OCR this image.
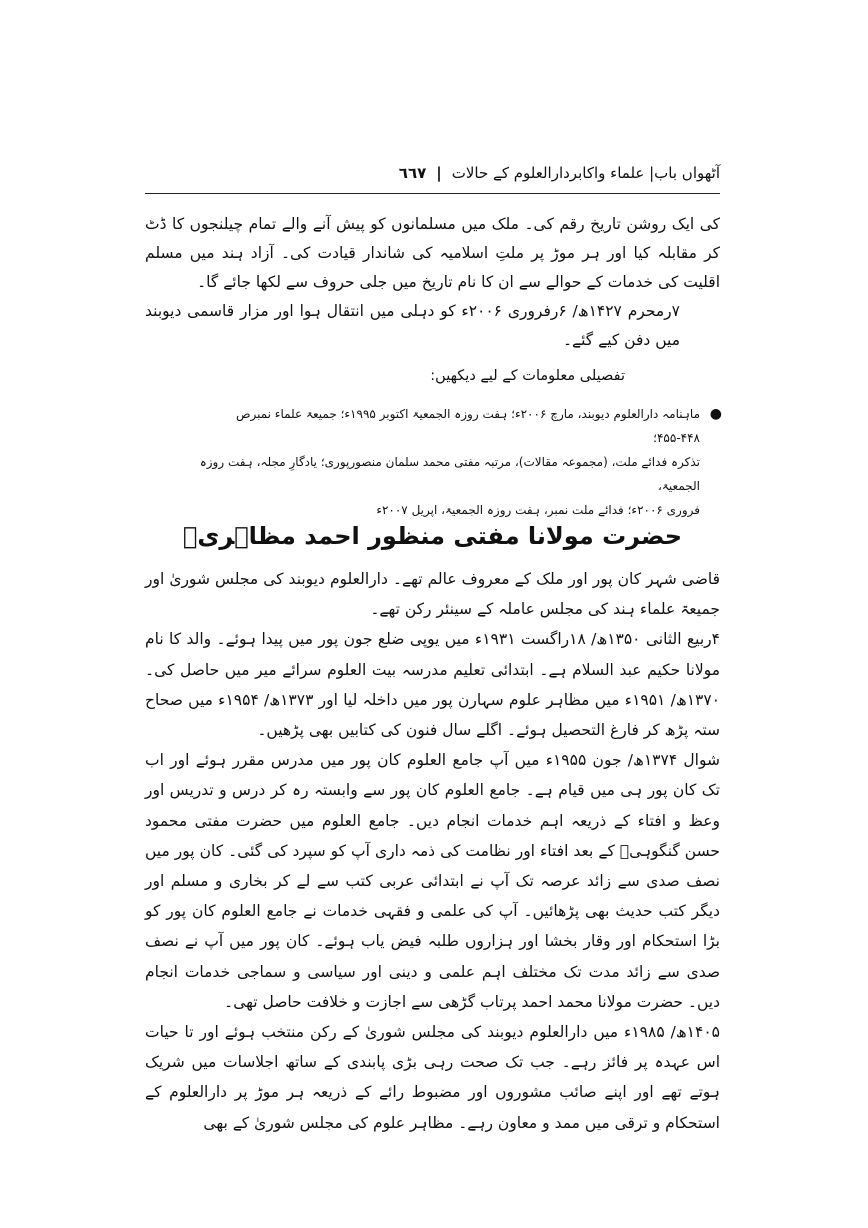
آٹھواں باب| علماء واکابردارالعلوم کے حالات
|
٦٦٧

کی ایک روشن تاریخ رقم کی۔ ملک میں مسلمانوں کو پیش آنے والے تمام چیلنجوں کا ڈٹ کر مقابلہ کیا اور ہر موڑ پر ملتِ اسلامیہ کی شاندار قیادت کی۔ آزاد ہند میں مسلم اقلیت کی خدمات کے حوالے سے ان کا نام تاریخ میں جلی حروف سے لکھا جائے گا۔

۷رمحرم ۱۴۲۷ھ/ ۶رفروری ۲۰۰۶ء کو دہلی میں انتقال ہوا اور مزار قاسمی دیوبند میں دفن کیے گئے۔

تفصیلی معلومات کے لیے دیکھیں:
●
ماہنامہ دارالعلوم دیوبند، مارچ ۲۰۰۶ء؛ ہفت روزہ الجمعیۃ اکتوبر ۱۹۹۵ء؛ جمیعۃ علماء نمبرص ۴۴۸-۴۵۵؛
تذکرہ فدائے ملت، (مجموعہ مقالات)، مرتبہ مفتی محمد سلمان منصورپوری؛ یادگارِ مجلہ، ہفت روزہ الجمعیۃ،
فروری ۲۰۰۶ء؛ فدائے ملت نمبر، ہفت روزہ الجمعیۃ، اپریل ۲۰۰۷ء
حضرت مولانا مفتی منظور احمد مظاہریؒ

قاضی شہر کان پور اور ملک کے معروف عالم تھے۔ دارالعلوم دیوبند کی مجلس شوریٰ اور جمیعۃ علماء ہند کی مجلس عاملہ کے سینئر رکن تھے۔

۴ربیع الثانی ۱۳۵۰ھ/ ۱۸راگست ۱۹۳۱ء میں یوپی ضلع جون پور میں پیدا ہوئے۔ والد کا نام مولانا حکیم عبد السلام ہے۔ ابتدائی تعلیم مدرسہ بیت العلوم سرائے میر میں حاصل کی۔ ۱۳۷۰ھ/ ۱۹۵۱ء میں مظاہر علوم سہارن پور میں داخلہ لیا اور ۱۳۷۳ھ/ ۱۹۵۴ء میں صحاح ستہ پڑھ کر فارغ التحصیل ہوئے۔ اگلے سال فنون کی کتابیں بھی پڑھیں۔

شوال ۱۳۷۴ھ/ جون ۱۹۵۵ء میں آپ جامع العلوم کان پور میں مدرس مقرر ہوئے اور اب تک کان پور ہی میں قیام ہے۔ جامع العلوم کان پور سے وابستہ رہ کر درس و تدریس اور وعظ و افتاء کے ذریعہ اہم خدمات انجام دیں۔ جامع العلوم میں حضرت مفتی محمود حسن گنگوہیؒ کے بعد افتاء اور نظامت کی ذمہ داری آپ کو سپرد کی گئی۔ کان پور میں نصف صدی سے زائد عرصہ تک آپ نے ابتدائی عربی کتب سے لے کر بخاری و مسلم اور دیگر کتب حدیث بھی پڑھائیں۔ آپ کی علمی و فقہی خدمات نے جامع العلوم کان پور کو بڑا استحکام اور وقار بخشا اور ہزاروں طلبہ فیض یاب ہوئے۔ کان پور میں آپ نے نصف صدی سے زائد مدت تک مختلف اہم علمی و دینی اور سیاسی و سماجی خدمات انجام دیں۔ حضرت مولانا محمد احمد پرتاب گڑھی سے اجازت و خلافت حاصل تھی۔

۱۴۰۵ھ/ ۱۹۸۵ء میں دارالعلوم دیوبند کی مجلس شوریٰ کے رکن منتخب ہوئے اور تا حیات اس عہدہ پر فائز رہے۔ جب تک صحت رہی بڑی پابندی کے ساتھ اجلاسات میں شریک ہوتے تھے اور اپنے صائب مشوروں اور مضبوط رائے کے ذریعہ ہر موڑ پر دارالعلوم کے استحکام و ترقی میں ممد و معاون رہے۔ مظاہر علوم کی مجلس شوریٰ کے بھی
